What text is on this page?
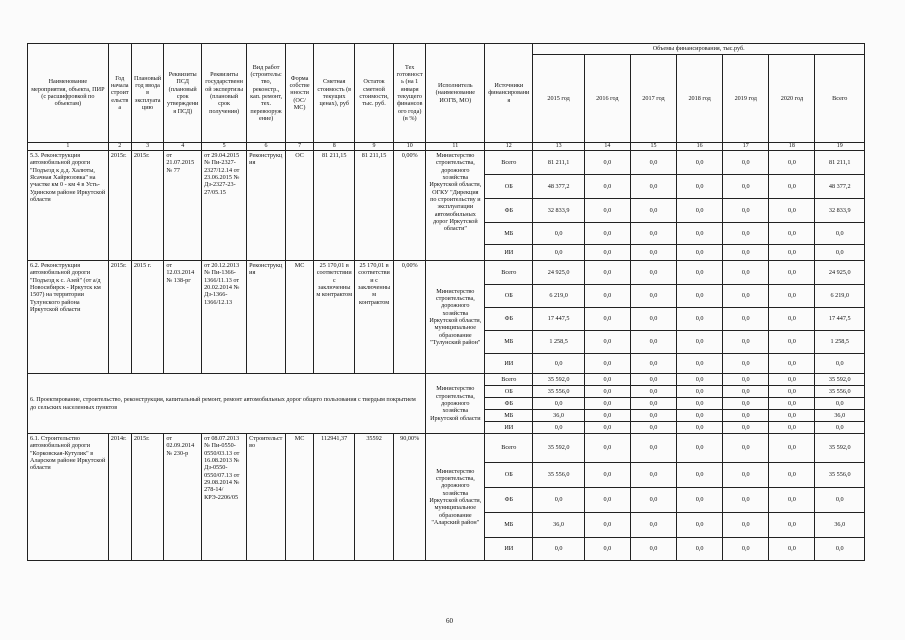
Наименование мероприятия, объекта, ПИР (с расшифровкой по объектам)	Год начала строительства	Плановый год ввода в эксплуатацию	Реквизиты ПСД (плановый срок утверждения ПСД)	Реквизиты государственной экспертизы (плановый срок получения)	Вид работ (строительство, реконстр., кап. ремонт, тех. перевооружение)	Форма собственности (ОС/МС)	Сметная стоимость (в текущих ценах), руб	Остаток сметной стоимости, тыс. руб.	Тех готовность (на 1 января текущего финансового года) (в %)	Исполнитель (наименование ИОГВ, МО)	Источники финансирования	Объемы финансирования, тыс.руб.						
												2015 год	2016 год	2017 год	2018 год	2019 год	2020 год	Всего
1	2	3	4	5	6	7	8	9	10	11	12	13	14	15	16	17	18	19
5.3. Реконструкция автомобильной дороги "Подъезд к д.д. Халюты, Ясачная Хайрюзовка" на участке км 0 - км 4 в Усть-Удинском районе Иркутской области	2015г.	2015г.	от 21.07.2015 № 77	от 29.04.2015 № Пи-2327-2327/12.14 от 23.06.2015 № Дз-2327-23-27/05.15	Реконструкция	ОС	81 211,15	81 211,15	0,00%	Министерство строительства, дорожного хозяйства Иркутской области, ОГКУ "Дирекция по строительству и эксплуатации автомобильных дорог Иркутской области"	Всего	81 211,1	0,0	0,0	0,0	0,0	0,0	81 211,1
											ОБ	48 377,2	0,0	0,0	0,0	0,0	0,0	48 377,2
											ФБ	32 833,9	0,0	0,0	0,0	0,0	0,0	32 833,9
											МБ	0,0	0,0	0,0	0,0	0,0	0,0	0,0
											ИИ	0,0	0,0	0,0	0,0	0,0	0,0	0,0
6.2. Реконструкция автомобильной дороги "Подъезд к с. Азей" (от а/д Новосибирск - Иркутск км 1507) на территории Тулунского района Иркутской области	2015г.	2015 г.	от 12.03.2014 № 138-рг	от 20.12.2013 № Пи-1366-1366/11.13 от 20.02.2014 № Дз-1366-1366/12.13	Реконструкция	МС	25 170,01 в соответствии с заключенным контрактом	25 170,01 в соответствии с заключенным контрактом	0,00%	Министерство строительства, дорожного хозяйства Иркутской области, муниципальное образование "Тулунский район"	Всего	24 925,0	0,0	0,0	0,0	0,0	0,0	24 925,0
											ОБ	6 219,0	0,0	0,0	0,0	0,0	0,0	6 219,0
											ФБ	17 447,5	0,0	0,0	0,0	0,0	0,0	17 447,5
											МБ	1 258,5	0,0	0,0	0,0	0,0	0,0	1 258,5
											ИИ	0,0	0,0	0,0	0,0	0,0	0,0	0,0
6. Проектирование, строительство, реконструкция, капитальный ремонт, ремонт автомобильных дорог общего пользования с твердым покрытием до сельских населенных пунктов										Министерство строительства, дорожного хозяйства Иркутской области	Всего	35 592,0	0,0	0,0	0,0	0,0	0,0	35 592,0
											ОБ	35 556,0	0,0	0,0	0,0	0,0	0,0	35 556,0
											ФБ	0,0	0,0	0,0	0,0	0,0	0,0	0,0
											МБ	36,0	0,0	0,0	0,0	0,0	0,0	36,0
											ИИ	0,0	0,0	0,0	0,0	0,0	0,0	0,0
6.1. Строительство автомобильной дороги "Корковская-Кутулик" в Аларском районе Иркутской области	2014г.	2015г.	от 02.09.2014 № 230-р	от 08.07.2013 № Пи-0550-0550/03.13 от 16.08.2013 № Дз-0550-0550/07.13 от 29.08.2014 № 278-14/КРЭ-2206/05	Строительство	МС	112941,37	35592	90,00%	Министерство строительства, дорожного хозяйства Иркутской области, муниципальное образование "Аларский район"	Всего	35 592,0	0,0	0,0	0,0	0,0	0,0	35 592,0
											ОБ	35 556,0	0,0	0,0	0,0	0,0	0,0	35 556,0
											ФБ	0,0	0,0	0,0	0,0	0,0	0,0	0,0
											МБ	36,0	0,0	0,0	0,0	0,0	0,0	36,0
											ИИ	0,0	0,0	0,0	0,0	0,0	0,0	0,0
60
